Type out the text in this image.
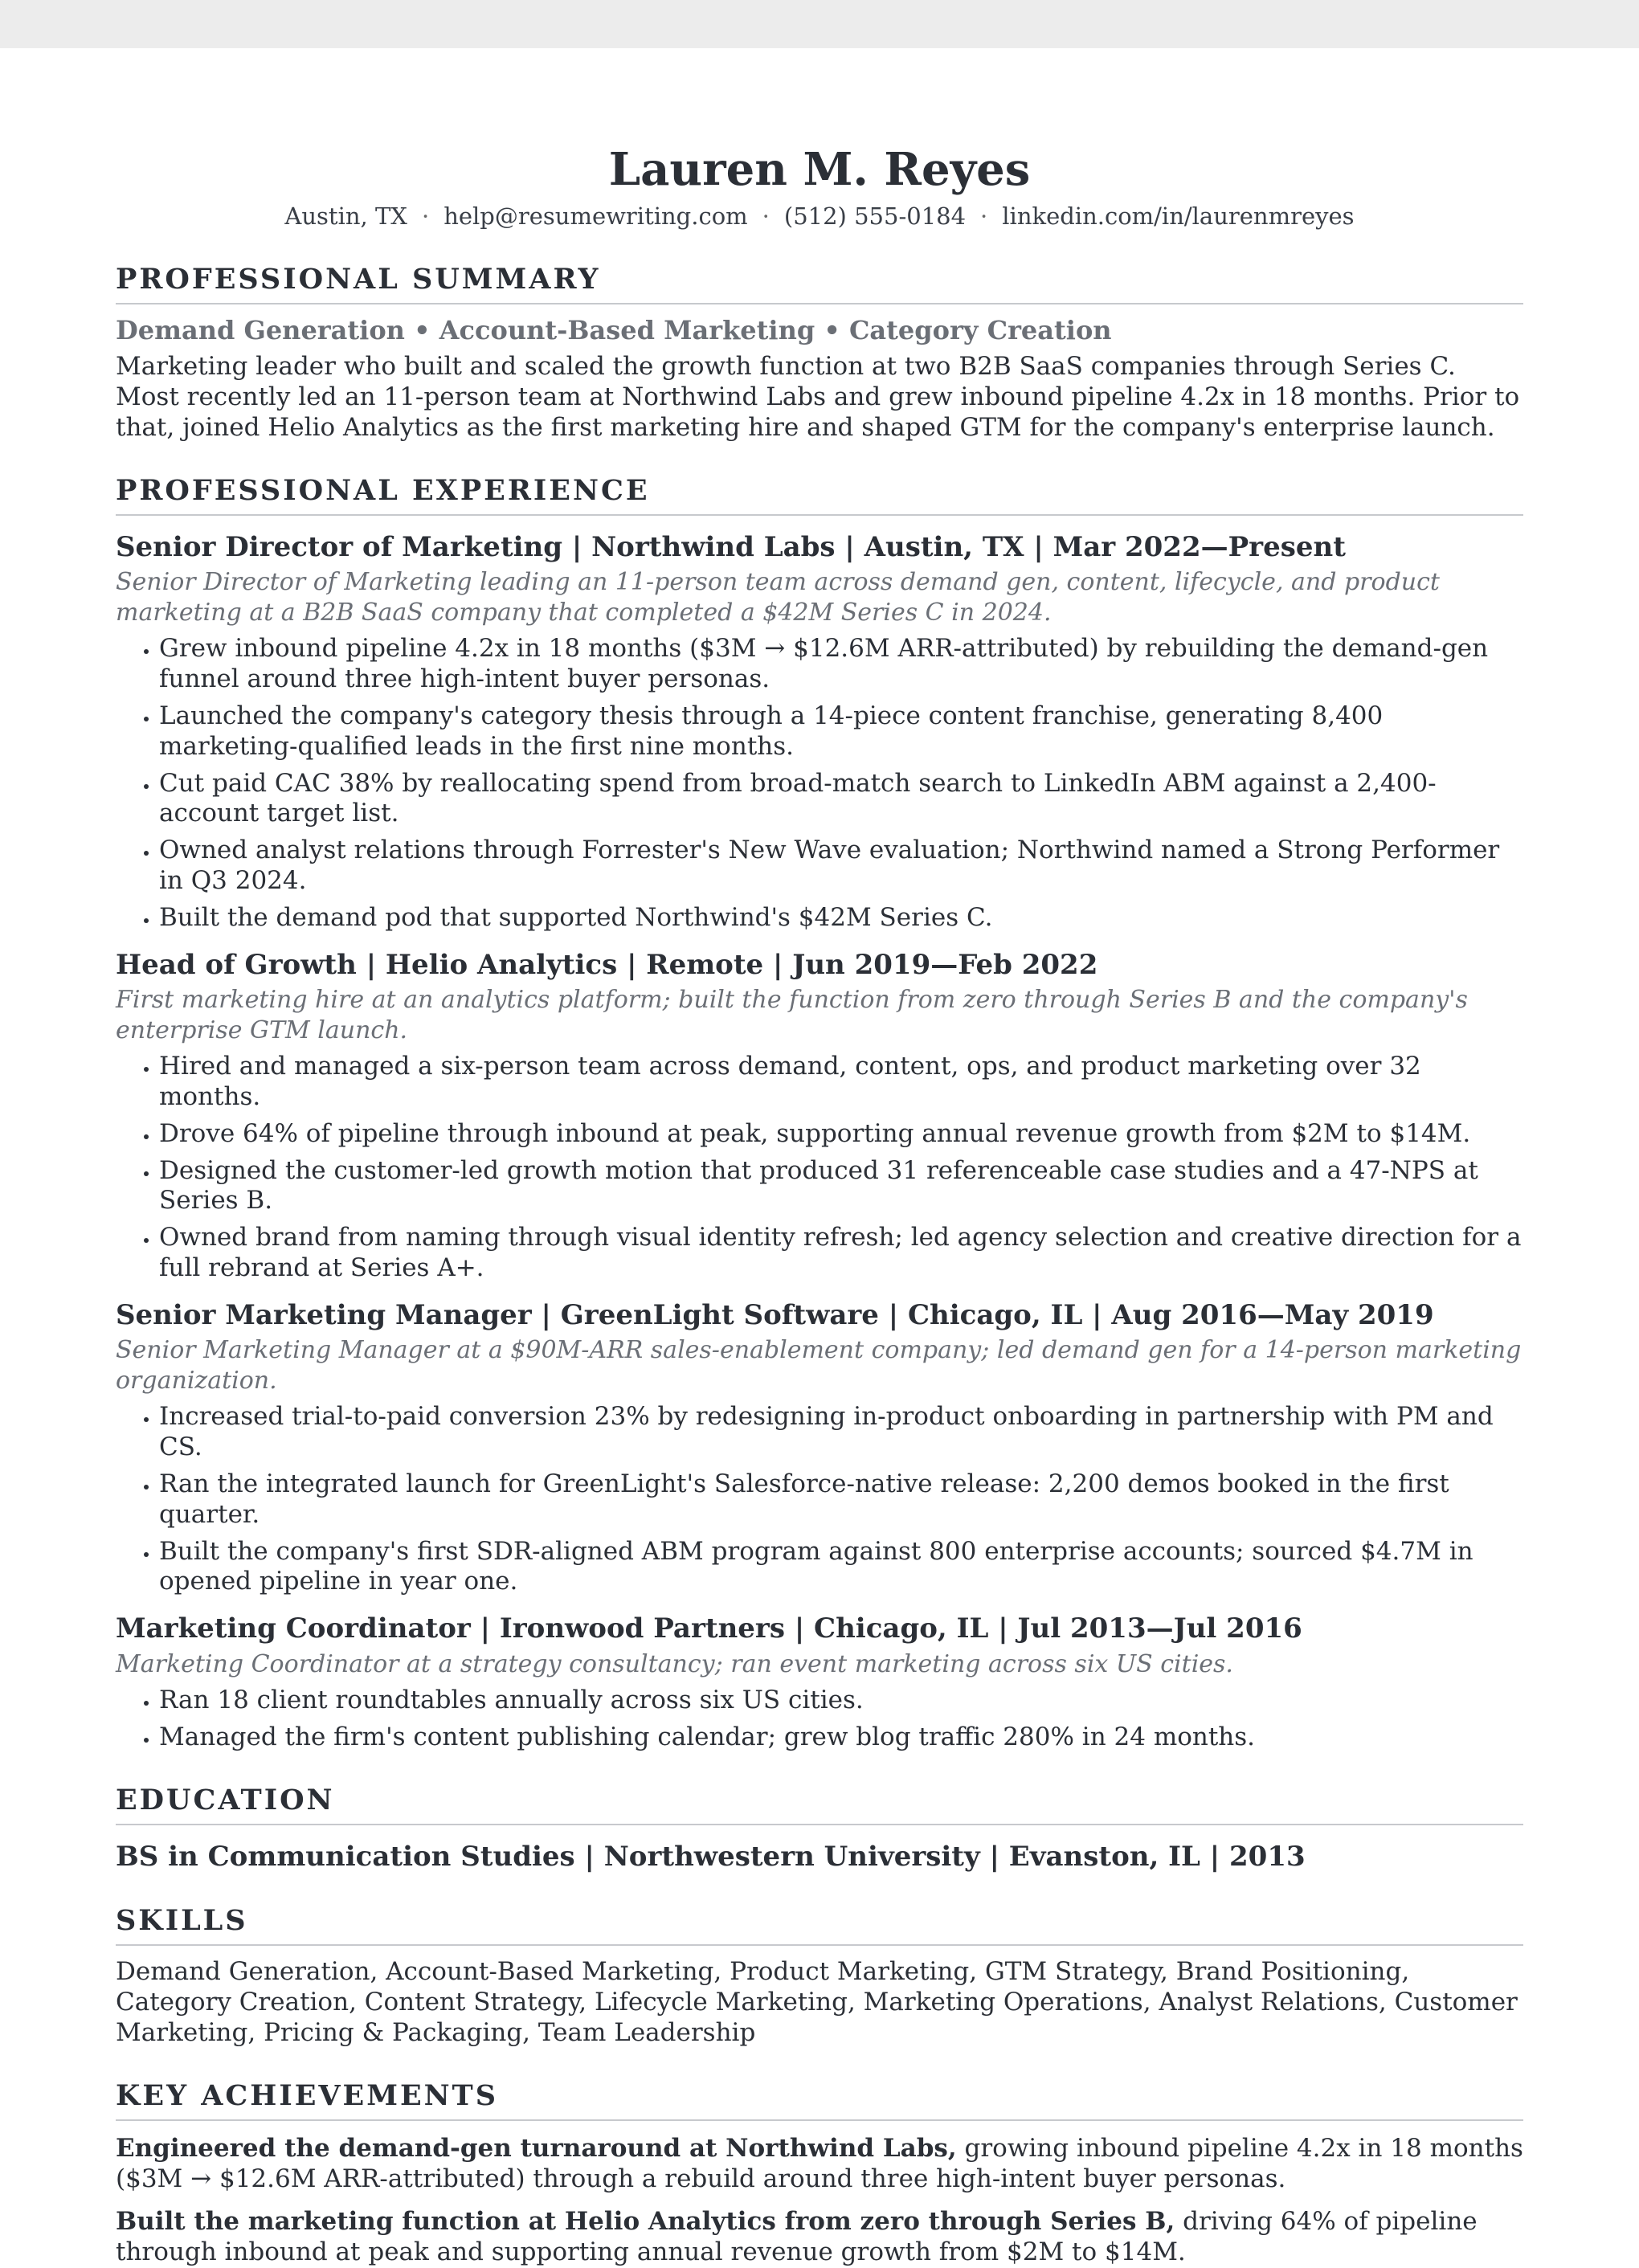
Lauren M. Reyes
Austin, TX · help@resumewriting.com · (512) 555-0184 · linkedin.com/in/laurenmreyes
PROFESSIONAL SUMMARY
Demand Generation • Account-Based Marketing • Category Creation

Marketing leader who built and scaled the growth function at two B2B SaaS companies through Series C. Most recently led an 11-person team at Northwind Labs and grew inbound pipeline 4.2x in 18 months. Prior to that, joined Helio Analytics as the first marketing hire and shaped GTM for the company's enterprise launch.

PROFESSIONAL EXPERIENCE
Senior Director of Marketing | Northwind Labs | Austin, TX | Mar 2022—Present
Senior Director of Marketing leading an 11-person team across demand gen, content, lifecycle, and product marketing at a B2B SaaS company that completed a $42M Series C in 2024.
• Grew inbound pipeline 4.2x in 18 months ($3M → $12.6M ARR-attributed) by rebuilding the demand-gen funnel around three high-intent buyer personas.
• Launched the company's category thesis through a 14-piece content franchise, generating 8,400 marketing-qualified leads in the first nine months.
• Cut paid CAC 38% by reallocating spend from broad-match search to LinkedIn ABM against a 2,400-account target list.
• Owned analyst relations through Forrester's New Wave evaluation; Northwind named a Strong Performer in Q3 2024.
• Built the demand pod that supported Northwind's $42M Series C.
Head of Growth | Helio Analytics | Remote | Jun 2019—Feb 2022
First marketing hire at an analytics platform; built the function from zero through Series B and the company's enterprise GTM launch.
• Hired and managed a six-person team across demand, content, ops, and product marketing over 32 months.
• Drove 64% of pipeline through inbound at peak, supporting annual revenue growth from $2M to $14M.
• Designed the customer-led growth motion that produced 31 referenceable case studies and a 47-NPS at Series B.
• Owned brand from naming through visual identity refresh; led agency selection and creative direction for a full rebrand at Series A+.
Senior Marketing Manager | GreenLight Software | Chicago, IL | Aug 2016—May 2019
Senior Marketing Manager at a $90M-ARR sales-enablement company; led demand gen for a 14-person marketing organization.
• Increased trial-to-paid conversion 23% by redesigning in-product onboarding in partnership with PM and CS.
• Ran the integrated launch for GreenLight's Salesforce-native release: 2,200 demos booked in the first quarter.
• Built the company's first SDR-aligned ABM program against 800 enterprise accounts; sourced $4.7M in opened pipeline in year one.
Marketing Coordinator | Ironwood Partners | Chicago, IL | Jul 2013—Jul 2016
Marketing Coordinator at a strategy consultancy; ran event marketing across six US cities.
• Ran 18 client roundtables annually across six US cities.
• Managed the firm's content publishing calendar; grew blog traffic 280% in 24 months.
EDUCATION
BS in Communication Studies | Northwestern University | Evanston, IL | 2013
SKILLS

Demand Generation, Account-Based Marketing, Product Marketing, GTM Strategy, Brand Positioning, Category Creation, Content Strategy, Lifecycle Marketing, Marketing Operations, Analyst Relations, Customer Marketing, Pricing & Packaging, Team Leadership

KEY ACHIEVEMENTS
Engineered the demand-gen turnaround at Northwind Labs, growing inbound pipeline 4.2x in 18 months ($3M → $12.6M ARR-attributed) through a rebuild around three high-intent buyer personas.
Built the marketing function at Helio Analytics from zero through Series B, driving 64% of pipeline through inbound at peak and supporting annual revenue growth from $2M to $14M.
